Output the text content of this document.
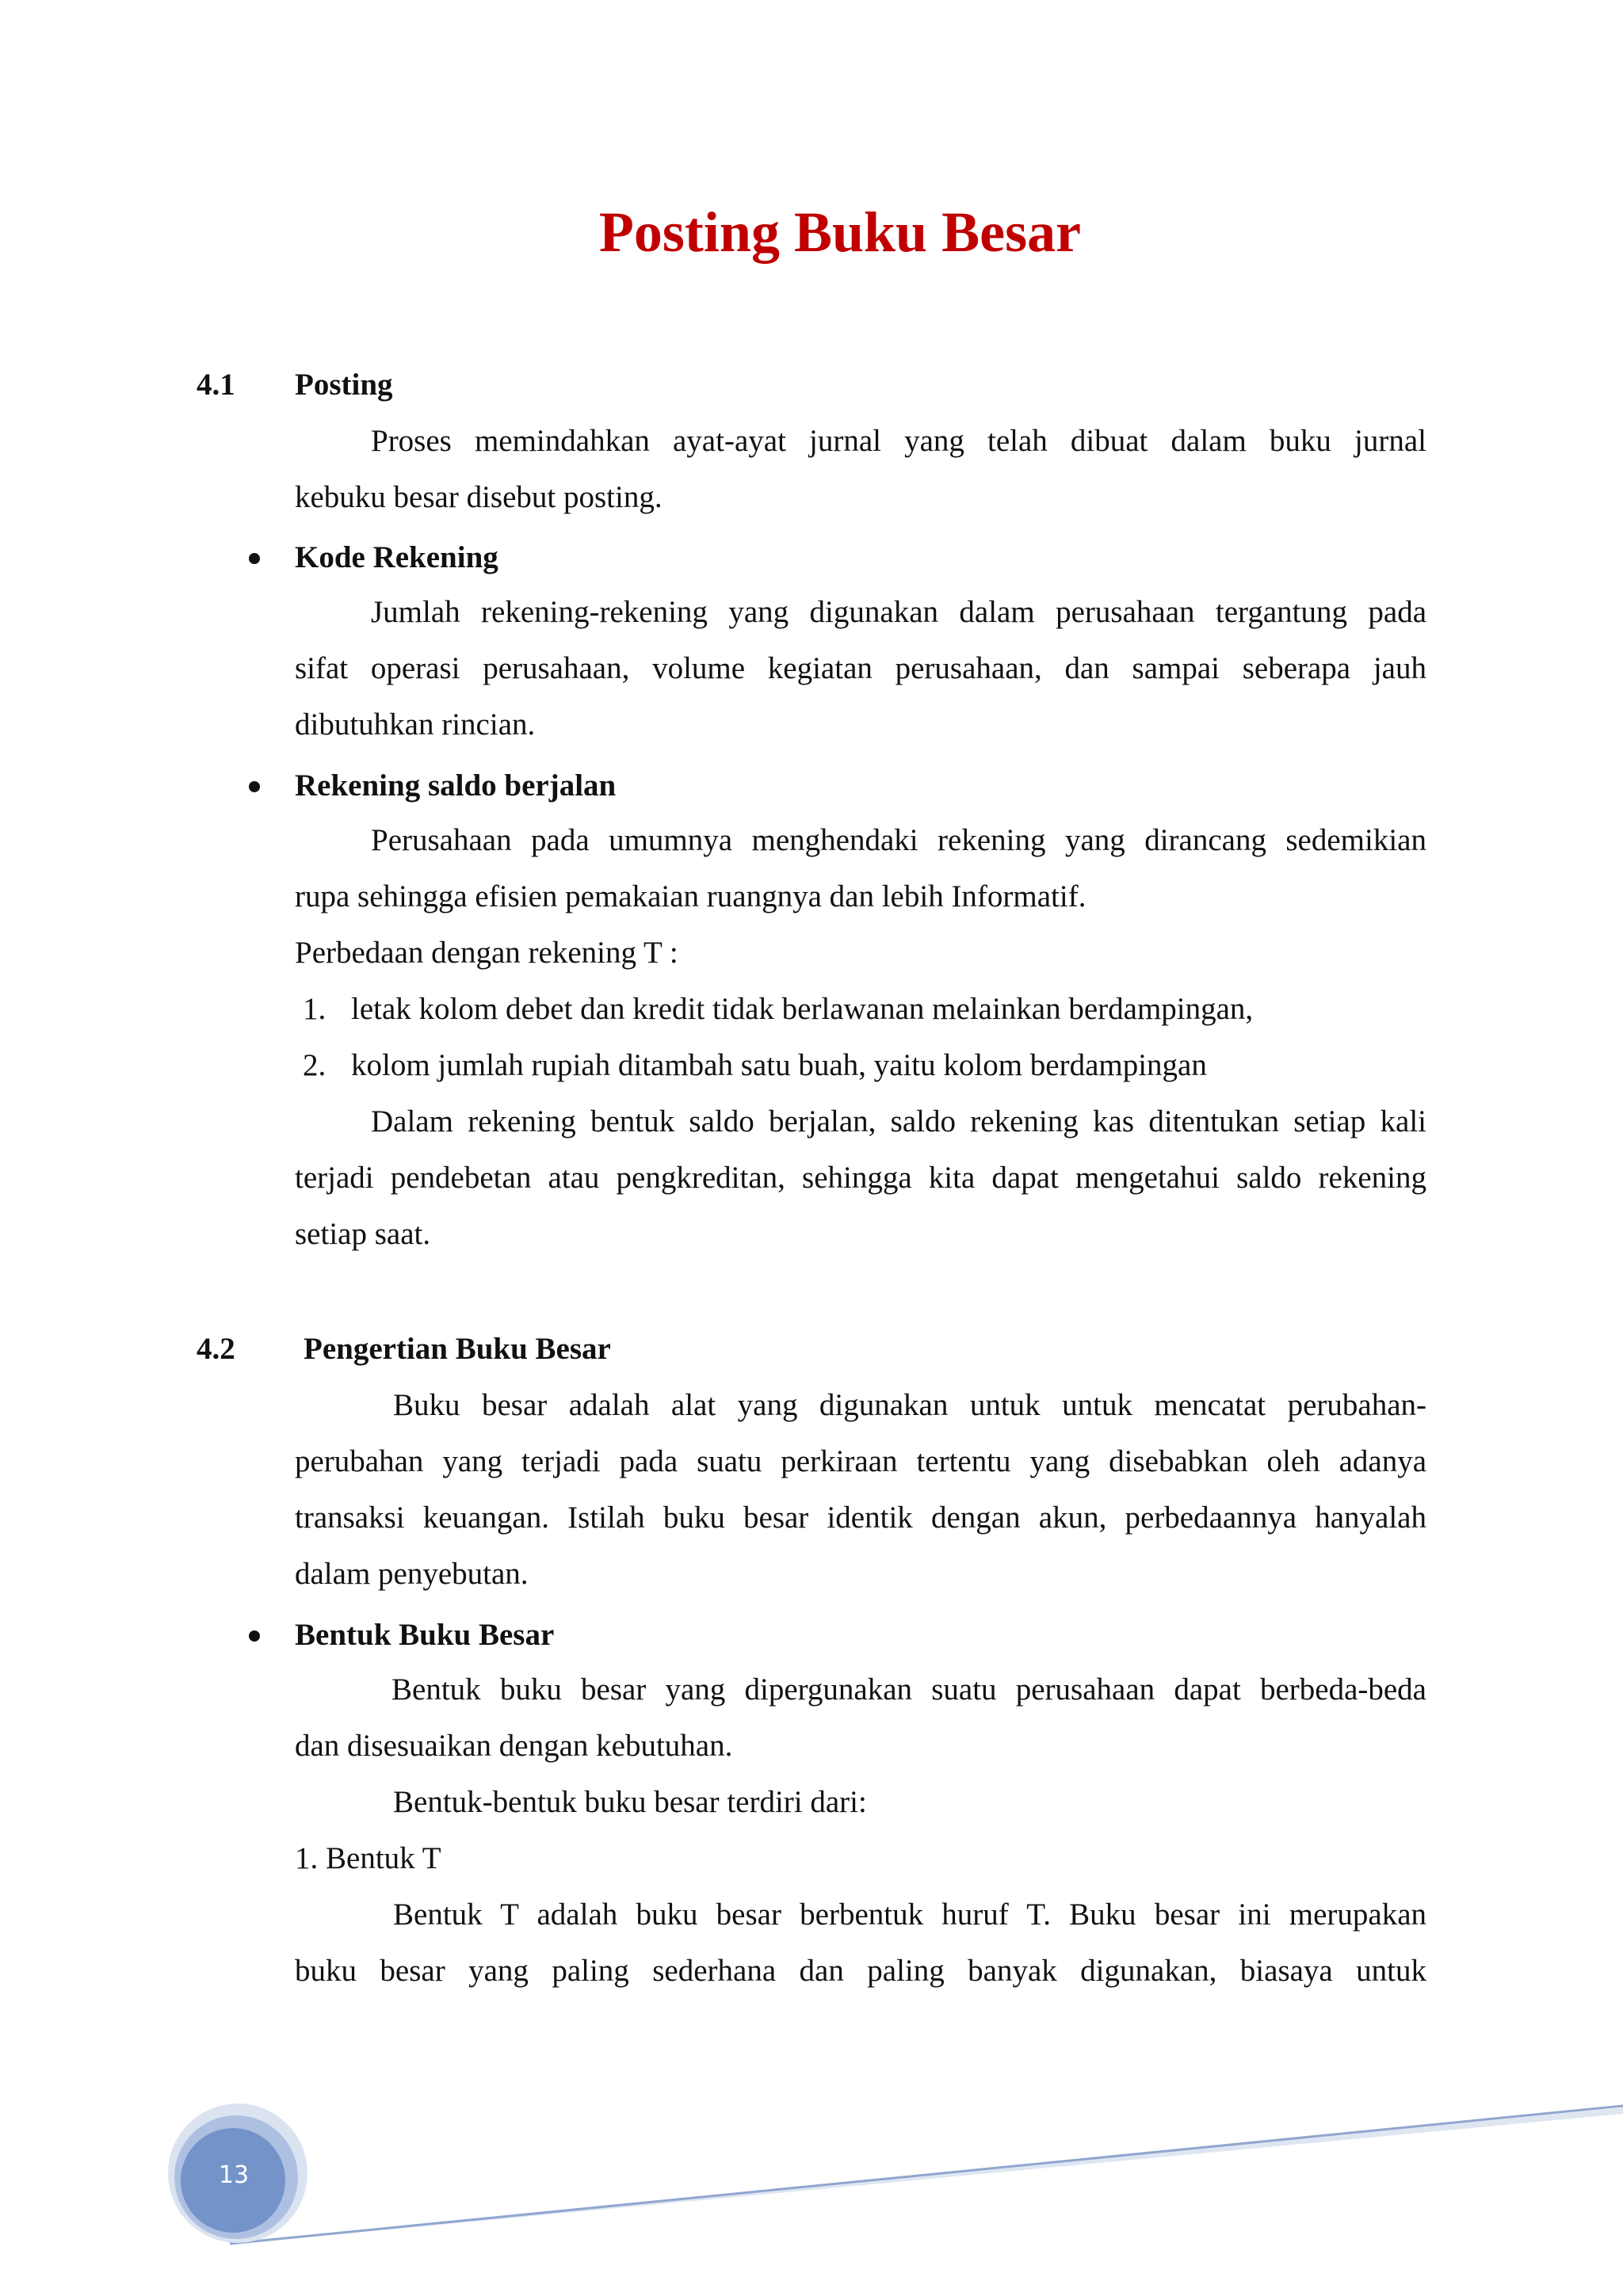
Posting Buku Besar
4.1 Posting
Proses memindahkan ayat-ayat jurnal yang telah dibuat dalam buku jurnal
kebuku besar disebut posting.
Kode Rekening
Jumlah rekening-rekening yang digunakan dalam perusahaan tergantung pada
sifat operasi perusahaan, volume kegiatan perusahaan, dan sampai seberapa jauh
dibutuhkan rincian.
Rekening saldo berjalan
Perusahaan pada umumnya menghendaki rekening yang dirancang sedemikian
rupa sehingga efisien pemakaian ruangnya dan lebih Informatif.
Perbedaan dengan rekening T :
1. letak kolom debet dan kredit tidak berlawanan melainkan berdampingan,
2. kolom jumlah rupiah ditambah satu buah, yaitu kolom berdampingan
Dalam rekening bentuk saldo berjalan, saldo rekening kas ditentukan setiap kali
terjadi pendebetan atau pengkreditan, sehingga kita dapat mengetahui saldo rekening
setiap saat.
4.2 Pengertian Buku Besar
Buku besar adalah alat yang digunakan untuk untuk mencatat perubahan-
perubahan yang terjadi pada suatu perkiraan tertentu yang disebabkan oleh adanya
transaksi keuangan. Istilah buku besar identik dengan akun, perbedaannya hanyalah
dalam penyebutan.
Bentuk Buku Besar
Bentuk buku besar yang dipergunakan suatu perusahaan dapat berbeda-beda
dan disesuaikan dengan kebutuhan.
Bentuk-bentuk buku besar terdiri dari:
1. Bentuk T
Bentuk T adalah buku besar berbentuk huruf T. Buku besar ini merupakan
buku besar yang paling sederhana dan paling banyak digunakan, biasaya untuk
13
